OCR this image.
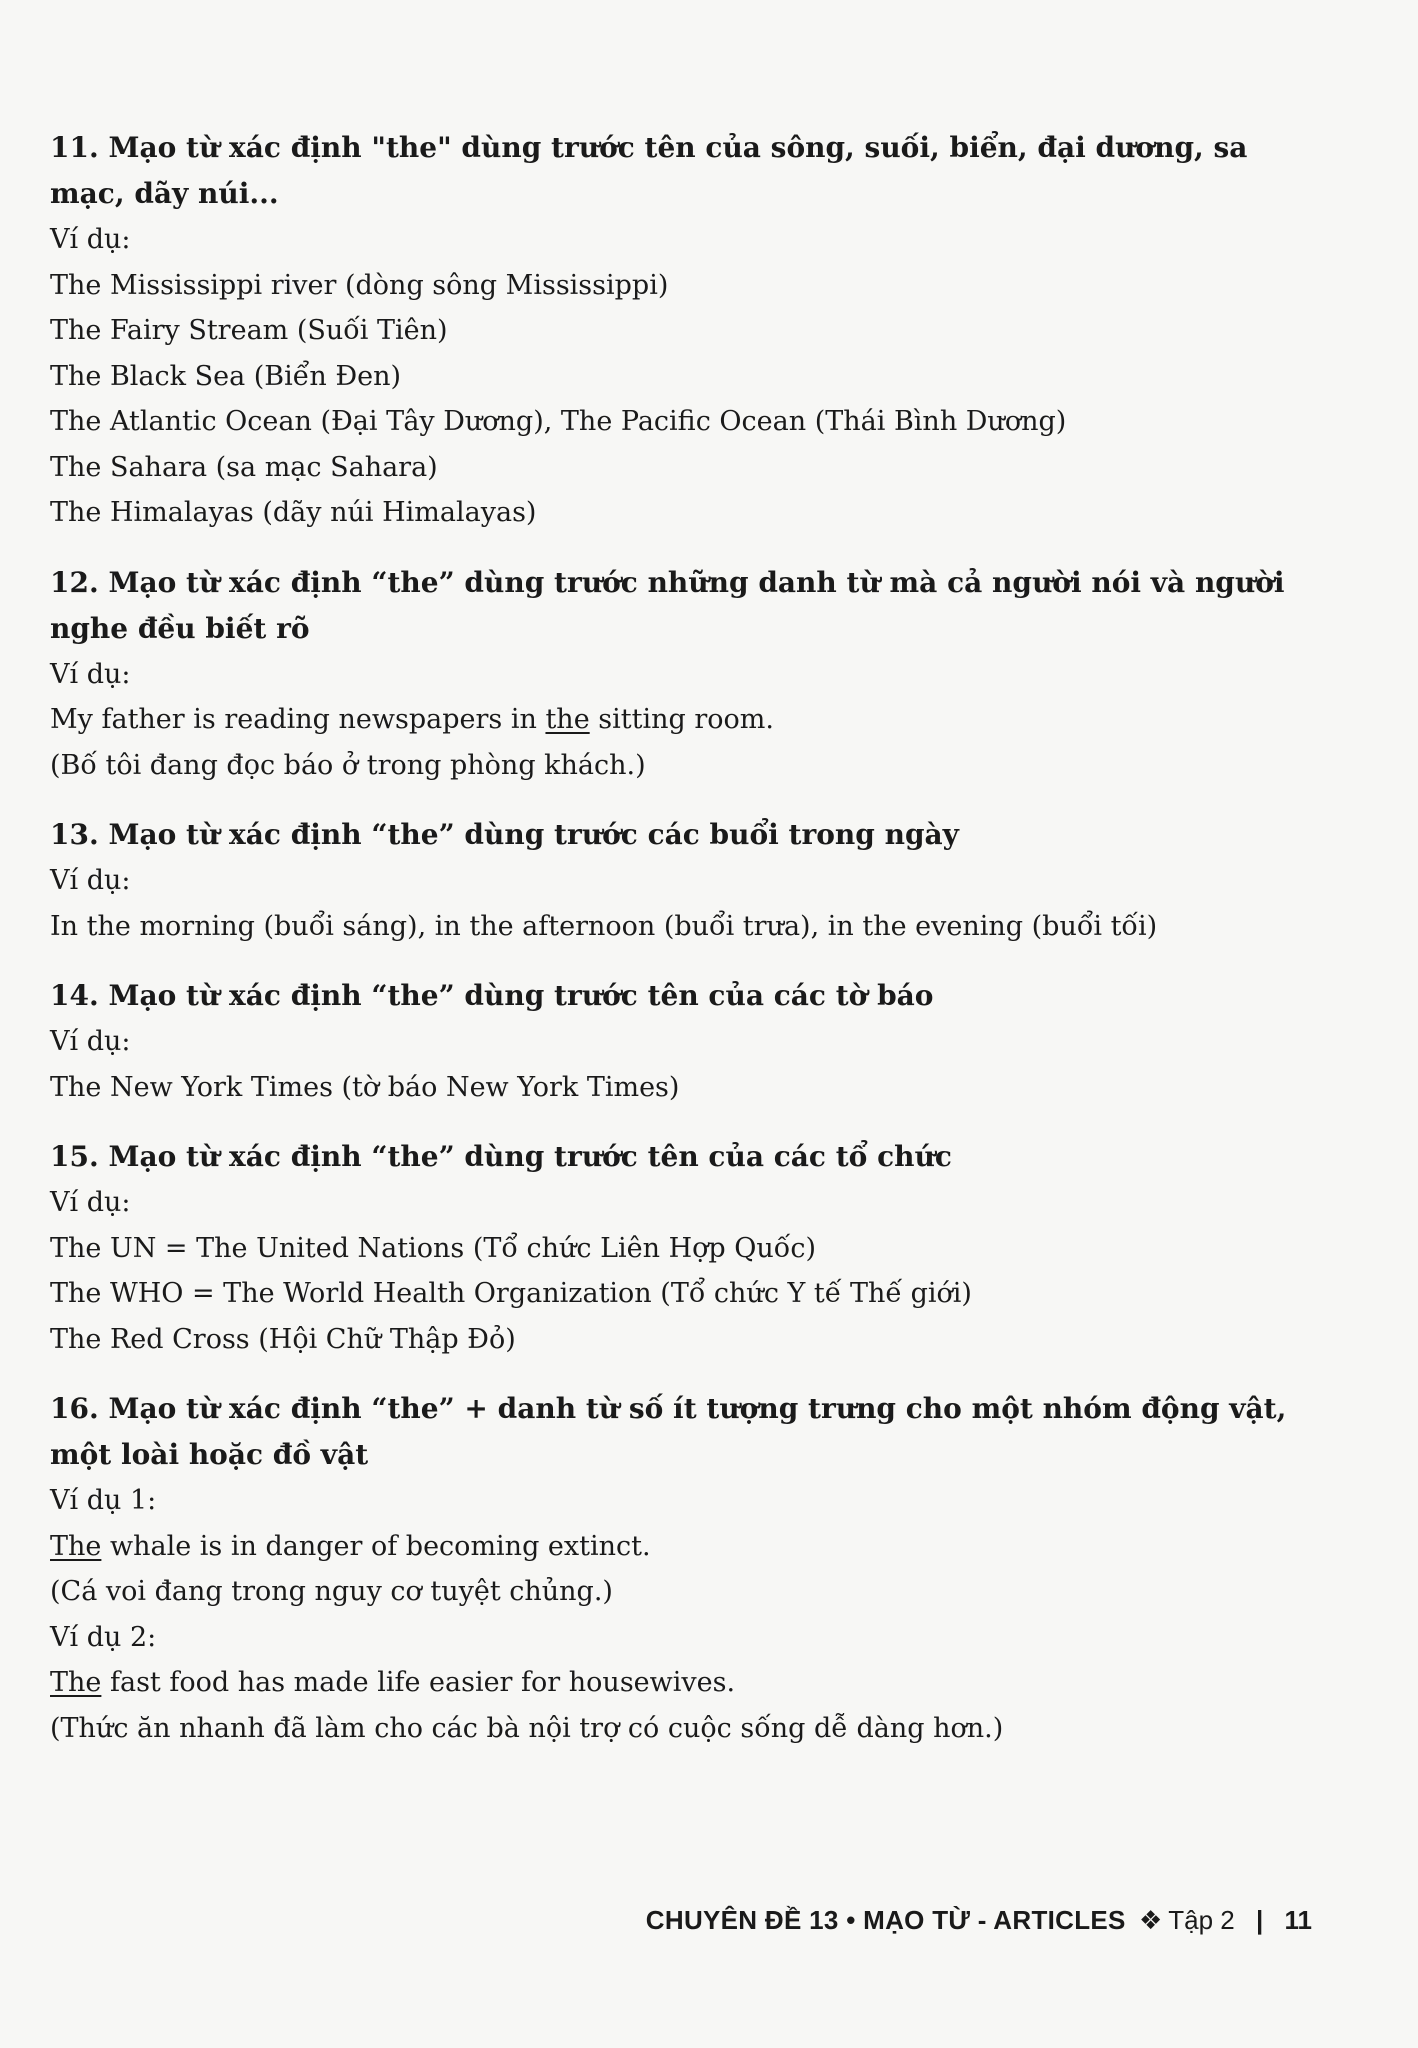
11. Mạo từ xác định "the" dùng trước tên của sông, suối, biển, đại dương, sa mạc, dãy núi...

Ví dụ:

The Mississippi river (dòng sông Mississippi)

The Fairy Stream (Suối Tiên)

The Black Sea (Biển Đen)

The Atlantic Ocean (Đại Tây Dương), The Pacific Ocean (Thái Bình Dương)

The Sahara (sa mạc Sahara)

The Himalayas (dãy núi Himalayas)

12. Mạo từ xác định “the” dùng trước những danh từ mà cả người nói và người nghe đều biết rõ

Ví dụ:

My father is reading newspapers in the sitting room.

(Bố tôi đang đọc báo ở trong phòng khách.)

13. Mạo từ xác định “the” dùng trước các buổi trong ngày

Ví dụ:

In the morning (buổi sáng), in the afternoon (buổi trưa), in the evening (buổi tối)

14. Mạo từ xác định “the” dùng trước tên của các tờ báo

Ví dụ:

The New York Times (tờ báo New York Times)

15. Mạo từ xác định “the” dùng trước tên của các tổ chức

Ví dụ:

The UN = The United Nations (Tổ chức Liên Hợp Quốc)

The WHO = The World Health Organization (Tổ chức Y tế Thế giới)

The Red Cross (Hội Chữ Thập Đỏ)

16. Mạo từ xác định “the” + danh từ số ít tượng trưng cho một nhóm động vật, một loài hoặc đồ vật

Ví dụ 1:

The whale is in danger of becoming extinct.

(Cá voi đang trong nguy cơ tuyệt chủng.)

Ví dụ 2:

The fast food has made life easier for housewives.

(Thức ăn nhanh đã làm cho các bà nội trợ có cuộc sống dễ dàng hơn.)

CHUYÊN ĐỀ 13 • MẠO TỪ - ARTICLES ❖ Tập 2 | 11
